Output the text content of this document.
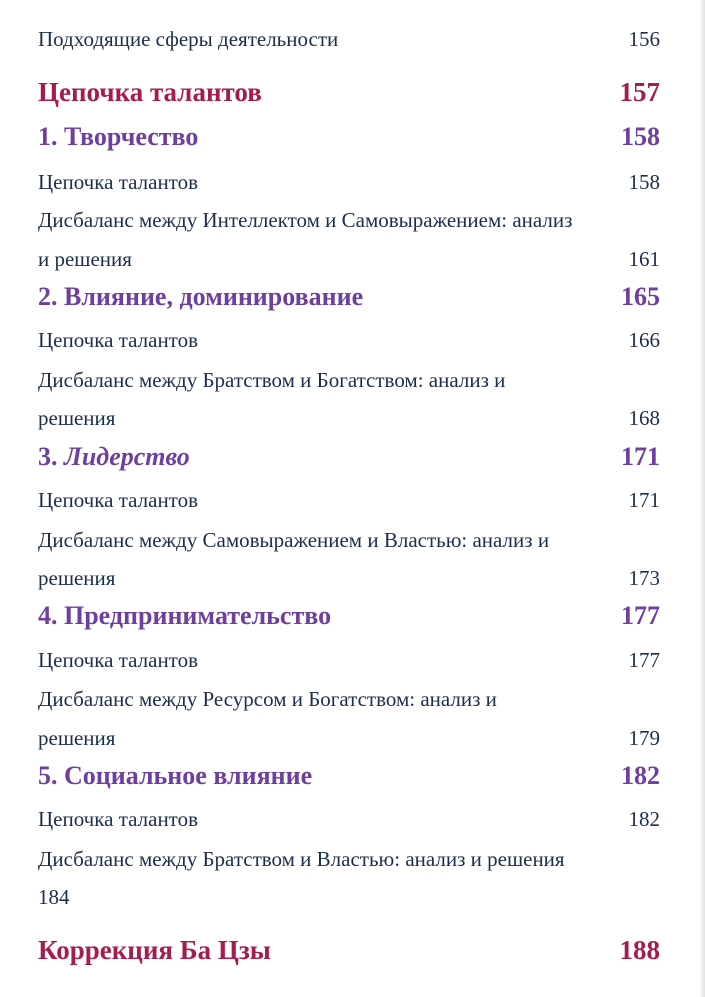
Подходящие сферы деятельности	156
Цепочка талантов	157
1. Творчество	158
Цепочка талантов	158
Дисбаланс между Интеллектом и Самовыражением: анализ
и решения	161
2. Влияние, доминирование	165
Цепочка талантов	166
Дисбаланс между Братством и Богатством: анализ и
решения	168
3. Лидерство	171
Цепочка талантов	171
Дисбаланс между Самовыражением и Властью: анализ и
решения	173
4. Предпринимательство	177
Цепочка талантов	177
Дисбаланс между Ресурсом и Богатством: анализ и
решения	179
5. Социальное влияние	182
Цепочка талантов	182
Дисбаланс между Братством и Властью: анализ и решения
184
Коррекция Ба Цзы	188
